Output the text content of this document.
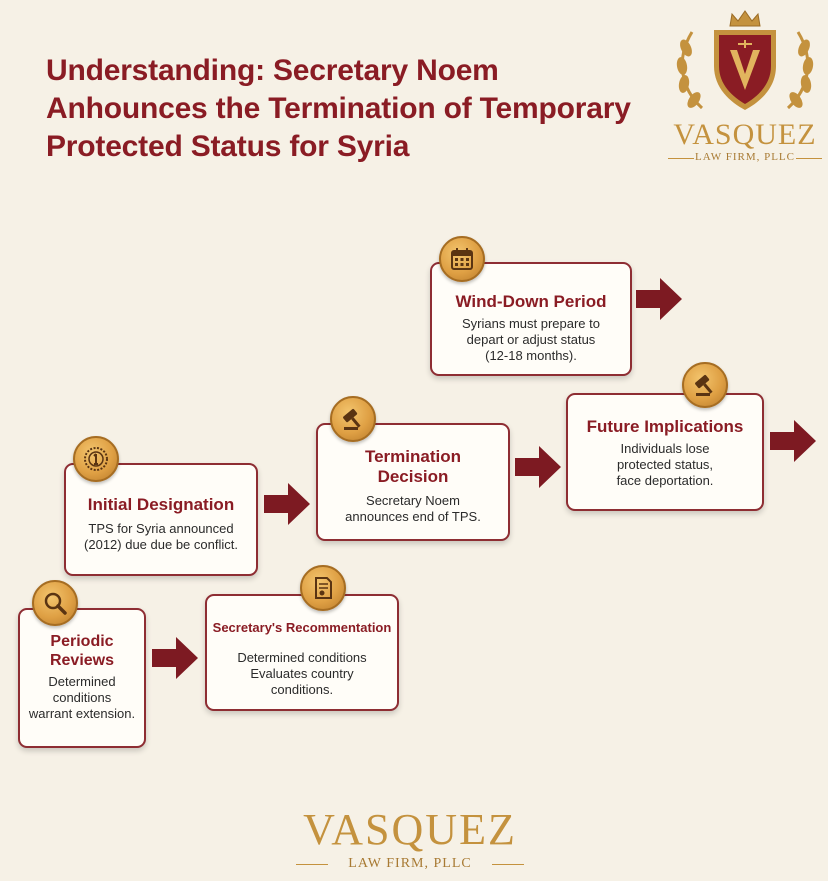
Understanding: Secretary Noem
Anhounces the Termination of Temporary
Protected Status for Syria	VASQUEZ
LAW FIRM, PLLC
Wind-Down Period
Syrians must prepare to
depart or adjust status
(12-18 months).
Future Implications
Individuals lose
protected status,
face deportation.
Termination
Decision
Secretary Noem
announces end of TPS.
Initial Designation
TPS for Syria announced
(2012) due due be conflict.
Periodic
Reviews
Determined
conditions
warrant extension.
Secretary's Recommentation
Determined conditions
Evaluates country
conditions.
VASQUEZ
LAW FIRM, PLLC
